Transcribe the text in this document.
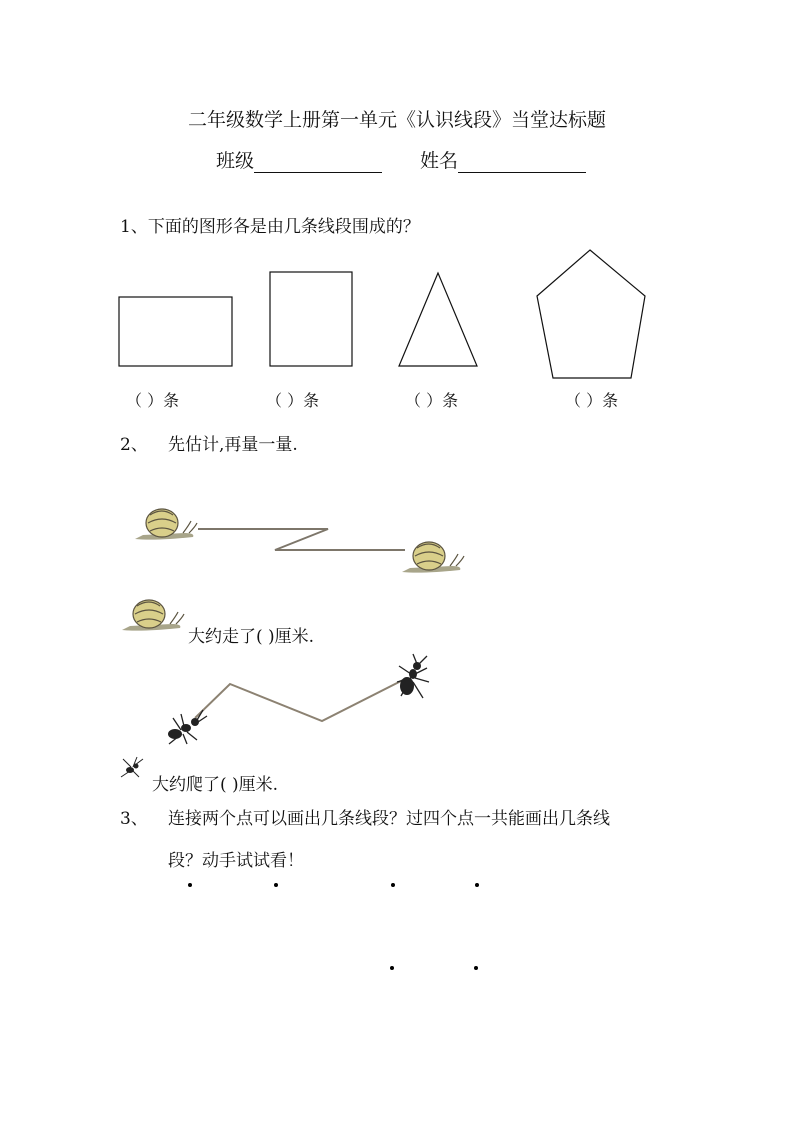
二年级数学上册第一单元《认识线段》当堂达标题
班级	姓名
1、下面的图形各是由几条线段围成的？
（ ）条	（ ）条	（ ）条	（ ）条
2、 先估计,再量一量.
大约走了( )厘米.
大约爬了( )厘米.
3、 连接两个点可以画出几条线段？过四个点一共能画出几条线
段？动手试试看！
